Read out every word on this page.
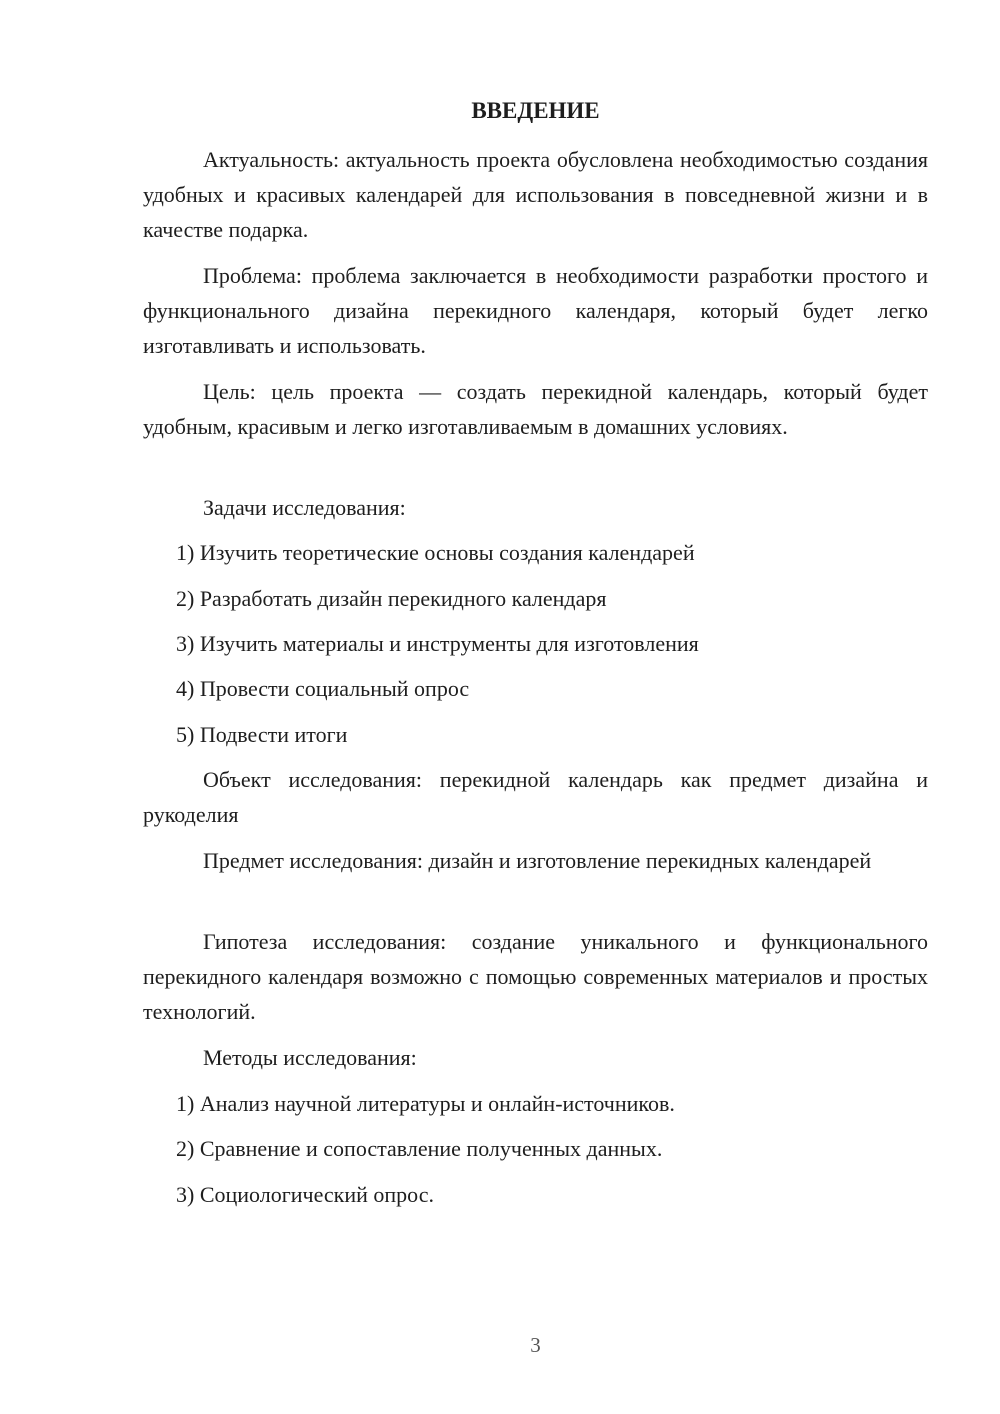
ВВЕДЕНИЕ

Актуальность: актуальность проекта обусловлена необходимостью создания удобных и красивых календарей для использования в повседневной жизни и в качестве подарка.

Проблема: проблема заключается в необходимости разработки простого и функционального дизайна перекидного календаря, который будет легко изготавливать и использовать.

Цель: цель проекта — создать перекидной календарь, который будет удобным, красивым и легко изготавливаемым в домашних условиях.

Задачи исследования:

1) Изучить теоретические основы создания календарей

2) Разработать дизайн перекидного календаря

3) Изучить материалы и инструменты для изготовления

4) Провести социальный опрос

5) Подвести итоги

Объект исследования: перекидной календарь как предмет дизайна и рукоделия

Предмет исследования: дизайн и изготовление перекидных календарей

Гипотеза исследования: создание уникального и функционального перекидного календаря возможно с помощью современных материалов и простых технологий.

Методы исследования:

1) Анализ научной литературы и онлайн-источников.

2) Сравнение и сопоставление полученных данных.

3) Социологический опрос.

3
